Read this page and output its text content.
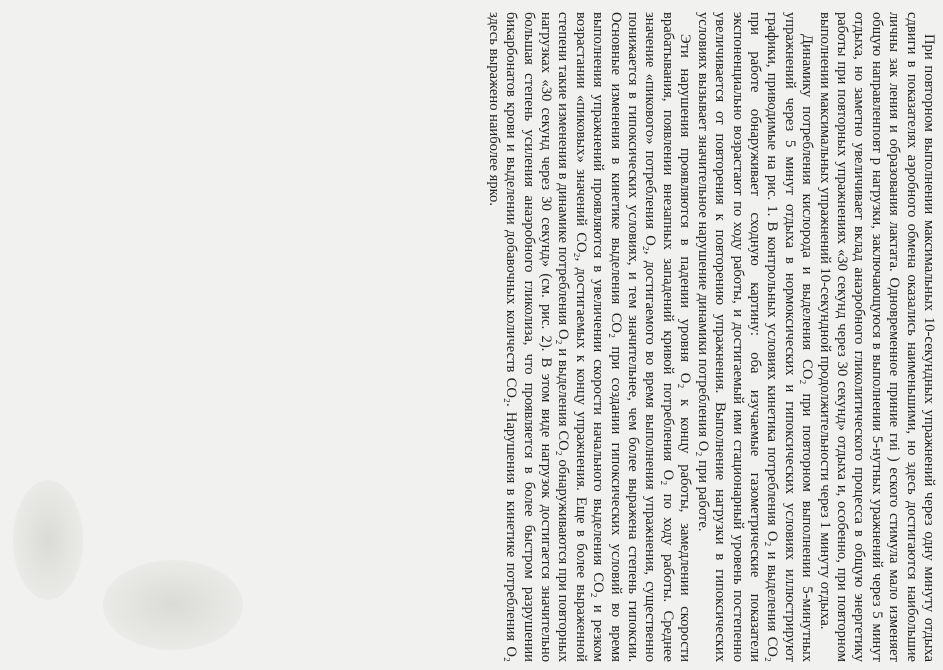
При повторном выполнении максимальных 10-секундных упражнений через одну минуту отдыха сдвиги в показателях аэробного обмена оказались наименьшими, но здесь достигаются наибольшие личны зак ления и образования лактата. Одновременное приние гиі ) еского стимула мало изменяет общую направленповт р нагрузки, заключающуюся в выполнении 5-нутных уражнений через 5 минут отдыха, но заметно увеличивает вклад анаэробного гликолитического процесса в общую энергетику работы при повторных упражнениях «30 секунд через 30 секунд» отдыха и, особенно, при повторном выполнении максимальных упражнений 10-секундной продолжительности через 1 минуту отдыха.

Динамику потребления кислорода и выделения CO₂ при повторном выполнении 5-минутных упражнений через 5 минут отдыха в нормоксических и гипоксических условиях иллюстрируют графики, приводимые на рис. 1. В контрольных условиях кинетика потребления O₂ и выделения CO₂ при работе обнаруживает сходную картину: оба изучаемые газометрические показатели экспоненциально возрастают по ходу работы, и достигаемый ими стационарный уровень постепенно увеличивается от повторения к повторению упражнения. Выполнение нагрузки в гипоксических условиях вызывает значительное нарушение динамики потребления O₂ при работе.

Эти нарушения проявляются в падении уровня O₂ к концу работы, замедлении скорости врабатывания, появлении внезапных западений кривой потребления O₂ по ходу работы. Среднее значение «пикового» потребления O₂, достигаемого во время выполнения упражнения, существенно понижается в гипоксических условиях, и тем значительнее, чем более выражена степень гипоксии. Основные изменения в кинетике выделения CO₂ при создании гипоксических условий во время выполнения упражнений проявляются в увеличении скорости начального выделения CO₂ и резком возрастании «пиковых» значений CO₂, достигаемых к концу упражнения. Еще в более выраженной степени такие изменения в динамике потребления O₂ и выделения CO₂ обнаруживаются при повторных нагрузках «30 секунд через 30 секунд» (см. рис. 2). В этом виде нагрузок достигается значительно большая степень усиления анаэробного гликолиза, что проявляется в более быстром разрушении бикарбонатов крови и выделении добавочных количеств CO₂. Нарушения в кинетике потребления O₂ здесь выражено наиболее ярко.
